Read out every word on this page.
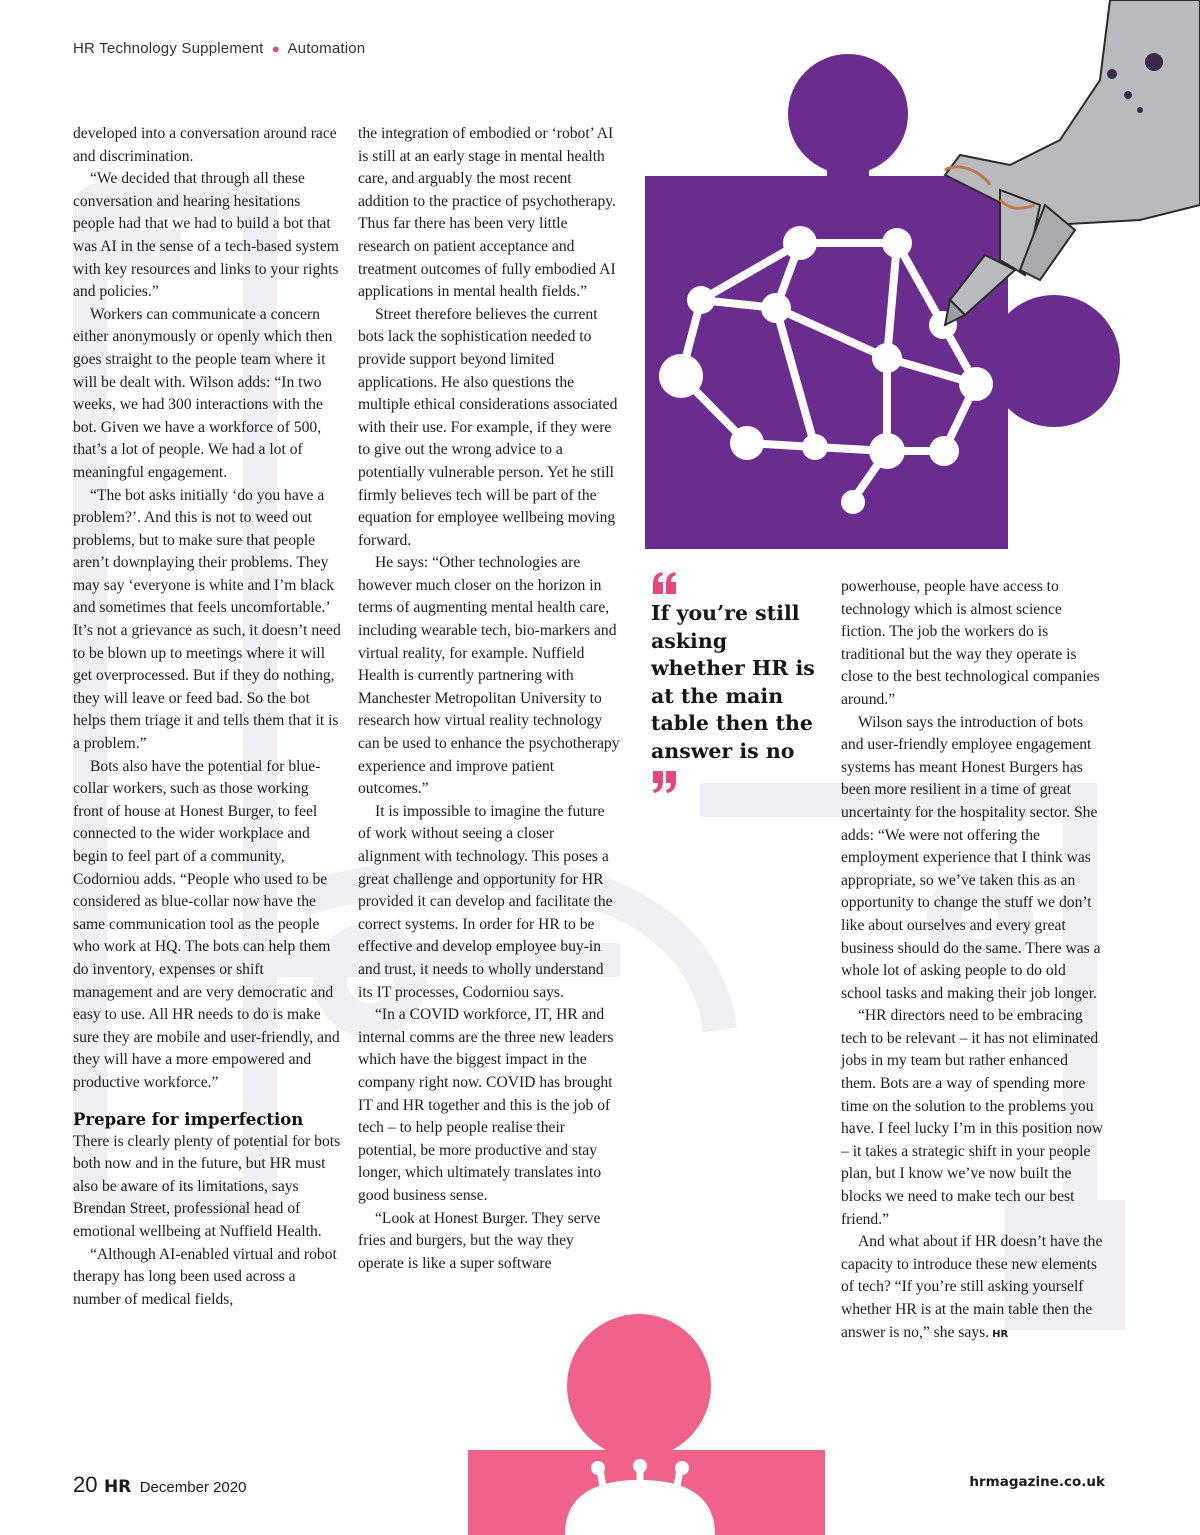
HR Technology Supplement ● Automation

developed into a conversation around race and discrimination.

“We decided that through all these conversation and hearing hesitations people had that we had to build a bot that was AI in the sense of a tech-based system with key resources and links to your rights and policies.”

Workers can communicate a concern either anonymously or openly which then goes straight to the people team where it will be dealt with. Wilson adds: “In two weeks, we had 300 interactions with the bot. Given we have a workforce of 500, that’s a lot of people. We had a lot of meaningful engagement.

“The bot asks initially ‘do you have a problem?’. And this is not to weed out problems, but to make sure that people aren’t downplaying their problems. They may say ‘everyone is white and I’m black and sometimes that feels uncomfortable.’ It’s not a grievance as such, it doesn’t need to be blown up to meetings where it will get overprocessed. But if they do nothing, they will leave or feed bad. So the bot helps them triage it and tells them that it is a problem.”

Bots also have the potential for blue-collar workers, such as those working front of house at Honest Burger, to feel connected to the wider workplace and begin to feel part of a community, Codorniou adds. “People who used to be considered as blue-collar now have the same communication tool as the people who work at HQ. The bots can help them do inventory, expenses or shift management and are very democratic and easy to use. All HR needs to do is make sure they are mobile and user-friendly, and they will have a more empowered and productive workforce.”

Prepare for imperfection

There is clearly plenty of potential for bots both now and in the future, but HR must also be aware of its limitations, says Brendan Street, professional head of emotional wellbeing at Nuffield Health.

“Although AI-enabled virtual and robot therapy has long been used across a number of medical fields,

the integration of embodied or ‘robot’ AI is still at an early stage in mental health care, and arguably the most recent addition to the practice of psychotherapy. Thus far there has been very little research on patient acceptance and treatment outcomes of fully embodied AI applications in mental health fields.”

Street therefore believes the current bots lack the sophistication needed to provide support beyond limited applications. He also questions the multiple ethical considerations associated with their use. For example, if they were to give out the wrong advice to a potentially vulnerable person. Yet he still firmly believes tech will be part of the equation for employee wellbeing moving forward.

He says: “Other technologies are however much closer on the horizon in terms of augmenting mental health care, including wearable tech, bio-markers and virtual reality, for example. Nuffield Health is currently partnering with Manchester Metropolitan University to research how virtual reality technology can be used to enhance the psychotherapy experience and improve patient outcomes.”

It is impossible to imagine the future of work without seeing a closer alignment with technology. This poses a great challenge and opportunity for HR provided it can develop and facilitate the correct systems. In order for HR to be effective and develop employee buy-in and trust, it needs to wholly understand its IT processes, Codorniou says.

“In a COVID workforce, IT, HR and internal comms are the three new leaders which have the biggest impact in the company right now. COVID has brought IT and HR together and this is the job of tech – to help people realise their potential, be more productive and stay longer, which ultimately translates into good business sense.

“Look at Honest Burger. They serve fries and burgers, but the way they operate is like a super software

If you’re still asking whether HR is at the main table then the answer is no

powerhouse, people have access to technology which is almost science fiction. The job the workers do is traditional but the way they operate is close to the best technological companies around.”

Wilson says the introduction of bots and user-friendly employee engagement systems has meant Honest Burgers has been more resilient in a time of great uncertainty for the hospitality sector. She adds: “We were not offering the employment experience that I think was appropriate, so we’ve taken this as an opportunity to change the stuff we don’t like about ourselves and every great business should do the same. There was a whole lot of asking people to do old school tasks and making their job longer.

“HR directors need to be embracing tech to be relevant – it has not eliminated jobs in my team but rather enhanced them. Bots are a way of spending more time on the solution to the problems you have. I feel lucky I’m in this position now – it takes a strategic shift in your people plan, but I know we’ve now built the blocks we need to make tech our best friend.”

And what about if HR doesn’t have the capacity to introduce these new elements of tech? “If you’re still asking yourself whether HR is at the main table then the answer is no,” she says. HR

20 HR December 2020	hrmagazine.co.uk
